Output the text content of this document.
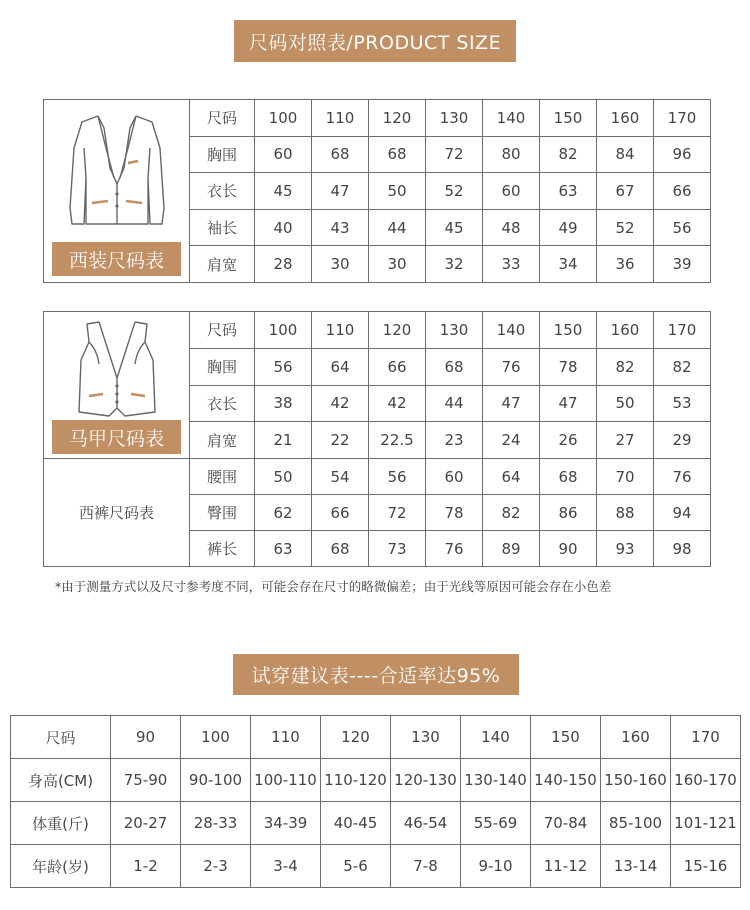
尺码对照表/PRODUCT SIZE
西装尺码表	尺码	100	110	120	130	140	150	160	170
	胸围	60	68	68	72	80	82	84	96
	衣长	45	47	50	52	60	63	67	66
	袖长	40	43	44	45	48	49	52	56
	肩宽	28	30	30	32	33	34	36	39
马甲尺码表	尺码	100	110	120	130	140	150	160	170
	胸围	56	64	66	68	76	78	82	82
	衣长	38	42	42	44	47	47	50	53
	肩宽	21	22	22.5	23	24	26	27	29
西裤尺码表	腰围	50	54	56	60	64	68	70	76
	臀围	62	66	72	78	82	86	88	94
	裤长	63	68	73	76	89	90	93	98
*由于测量方式以及尺寸参考度不同，可能会存在尺寸的略微偏差；由于光线等原因可能会存在小色差
试穿建议表----合适率达95%
尺码	90	100	110	120	130	140	150	160	170
身高(CM)	75-90	90-100	100-110	110-120	120-130	130-140	140-150	150-160	160-170
体重(斤)	20-27	28-33	34-39	40-45	46-54	55-69	70-84	85-100	101-121
年龄(岁)	1-2	2-3	3-4	5-6	7-8	9-10	11-12	13-14	15-16
